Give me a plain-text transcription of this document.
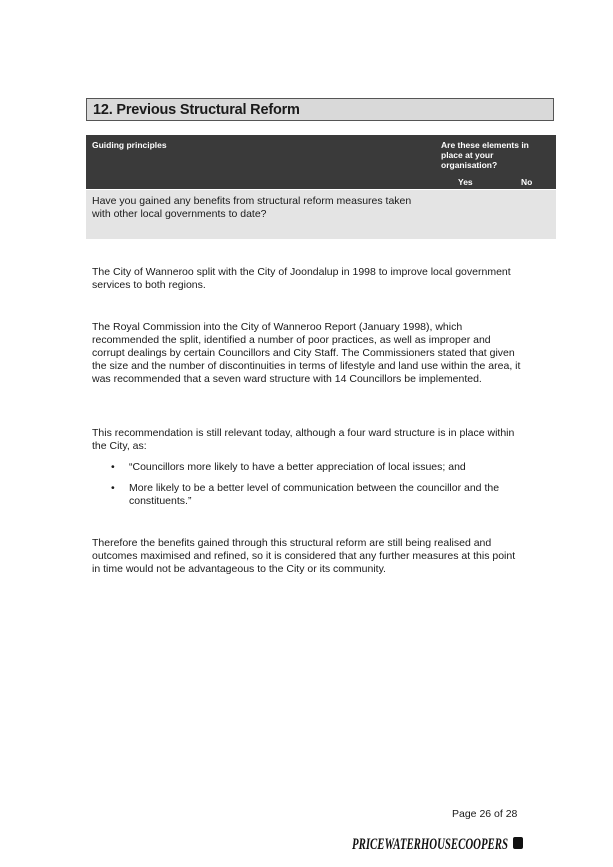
12. Previous Structural Reform
Guiding principles	Are these elements in place at your organisation?
Yes	No
Have you gained any benefits from structural reform measures taken with other local governments to date?
The City of Wanneroo split with the City of Joondalup in 1998 to improve local government services to both regions.
The Royal Commission into the City of Wanneroo Report (January 1998), which recommended the split, identified a number of poor practices, as well as improper and corrupt dealings by certain Councillors and City Staff. The Commissioners stated that given the size and the number of discontinuities in terms of lifestyle and land use within the area, it was recommended that a seven ward structure with 14 Councillors be implemented.
This recommendation is still relevant today, although a four ward structure is in place within the City, as:
• “Councillors more likely to have a better appreciation of local issues; and
• More likely to be a better level of communication between the councillor and the constituents.”
Therefore the benefits gained through this structural reform are still being realised and outcomes maximised and refined, so it is considered that any further measures at this point in time would not be advantageous to the City or its community.
Page 26 of 28
PRICEWATERHOUSECOOPERS
